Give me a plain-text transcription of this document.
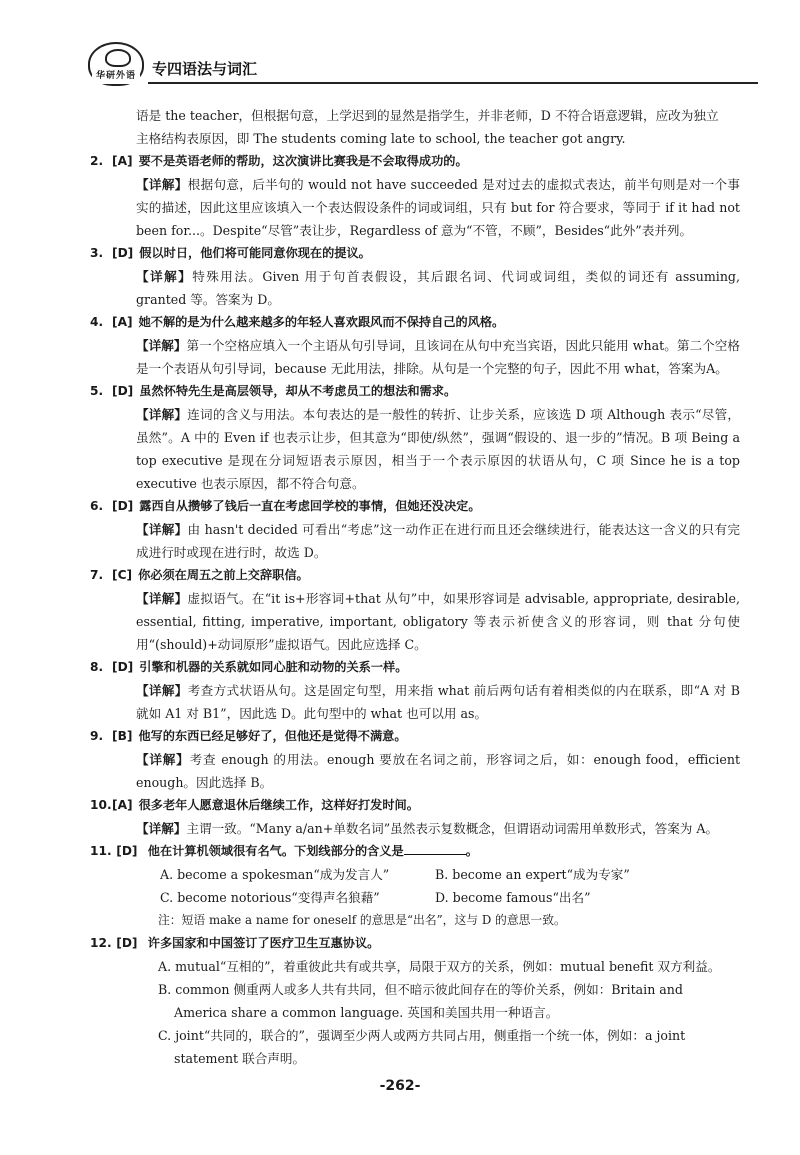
华研外语 专四语法与词汇

语是 the teacher，但根据句意，上学迟到的显然是指学生，并非老师，D 不符合语意逻辑，应改为独立

主格结构表原因，即 The students coming late to school, the teacher got angry.

2. [A] 要不是英语老师的帮助，这次演讲比赛我是不会取得成功的。
【详解】根据句意，后半句的 would not have succeeded 是对过去的虚拟式表达，前半句则是对一个事实的描述，因此这里应该填入一个表达假设条件的词或词组，只有 but for 符合要求，等同于 if it had not been for...。Despite“尽管”表让步，Regardless of 意为“不管，不顾”，Besides“此外”表并列。
3. [D] 假以时日，他们将可能同意你现在的提议。
【详解】特殊用法。Given 用于句首表假设，其后跟名词、代词或词组，类似的词还有 assuming, granted 等。答案为 D。
4. [A] 她不解的是为什么越来越多的年轻人喜欢跟风而不保持自己的风格。
【详解】第一个空格应填入一个主语从句引导词，且该词在从句中充当宾语，因此只能用 what。第二个空格是一个表语从句引导词，because 无此用法，排除。从句是一个完整的句子，因此不用 what，答案为A。
5. [D] 虽然怀特先生是高层领导，却从不考虑员工的想法和需求。
【详解】连词的含义与用法。本句表达的是一般性的转折、让步关系，应该选 D 项 Although 表示“尽管，虽然”。A 中的 Even if 也表示让步，但其意为“即使/纵然”，强调“假设的、退一步的”情况。B 项 Being a top executive 是现在分词短语表示原因，相当于一个表示原因的状语从句，C 项 Since he is a top executive 也表示原因，都不符合句意。
6. [D] 露西自从攒够了钱后一直在考虑回学校的事情，但她还没决定。
【详解】由 hasn't decided 可看出“考虑”这一动作正在进行而且还会继续进行，能表达这一含义的只有完成进行时或现在进行时，故选 D。
7. [C] 你必须在周五之前上交辞职信。
【详解】虚拟语气。在“it is+形容词+that 从句”中，如果形容词是 advisable, appropriate, desirable, essential, fitting, imperative, important, obligatory 等表示祈使含义的形容词，则 that 分句使用“(should)+动词原形”虚拟语气。因此应选择 C。
8. [D] 引擎和机器的关系就如同心脏和动物的关系一样。
【详解】考查方式状语从句。这是固定句型，用来指 what 前后两句话有着相类似的内在联系，即“A 对 B 就如 A1 对 B1”，因此选 D。此句型中的 what 也可以用 as。
9. [B] 他写的东西已经足够好了，但他还是觉得不满意。
【详解】考查 enough 的用法。enough 要放在名词之前，形容词之后，如：enough food，efficient enough。因此选择 B。
10.[A] 很多老年人愿意退休后继续工作，这样好打发时间。
【详解】主谓一致。“Many a/an+单数名词”虽然表示复数概念，但谓语动词需用单数形式，答案为 A。
11. [D] 他在计算机领域很有名气。下划线部分的含义是	。
A. become a spokesman“成为发言人”	B. become an expert“成为专家”
C. become notorious“变得声名狼藉”	D. become famous“出名”
注：短语 make a name for oneself 的意思是“出名”，这与 D 的意思一致。
12. [D] 许多国家和中国签订了医疗卫生互惠协议。
A. mutual“互相的”，着重彼此共有或共享，局限于双方的关系，例如：mutual benefit 双方利益。
B. common 侧重两人或多人共有共同，但不暗示彼此间存在的等价关系，例如：Britain and
America share a common language. 英国和美国共用一种语言。
C. joint“共同的，联合的”，强调至少两人或两方共同占用，侧重指一个统一体，例如：a joint
statement 联合声明。
-262-
